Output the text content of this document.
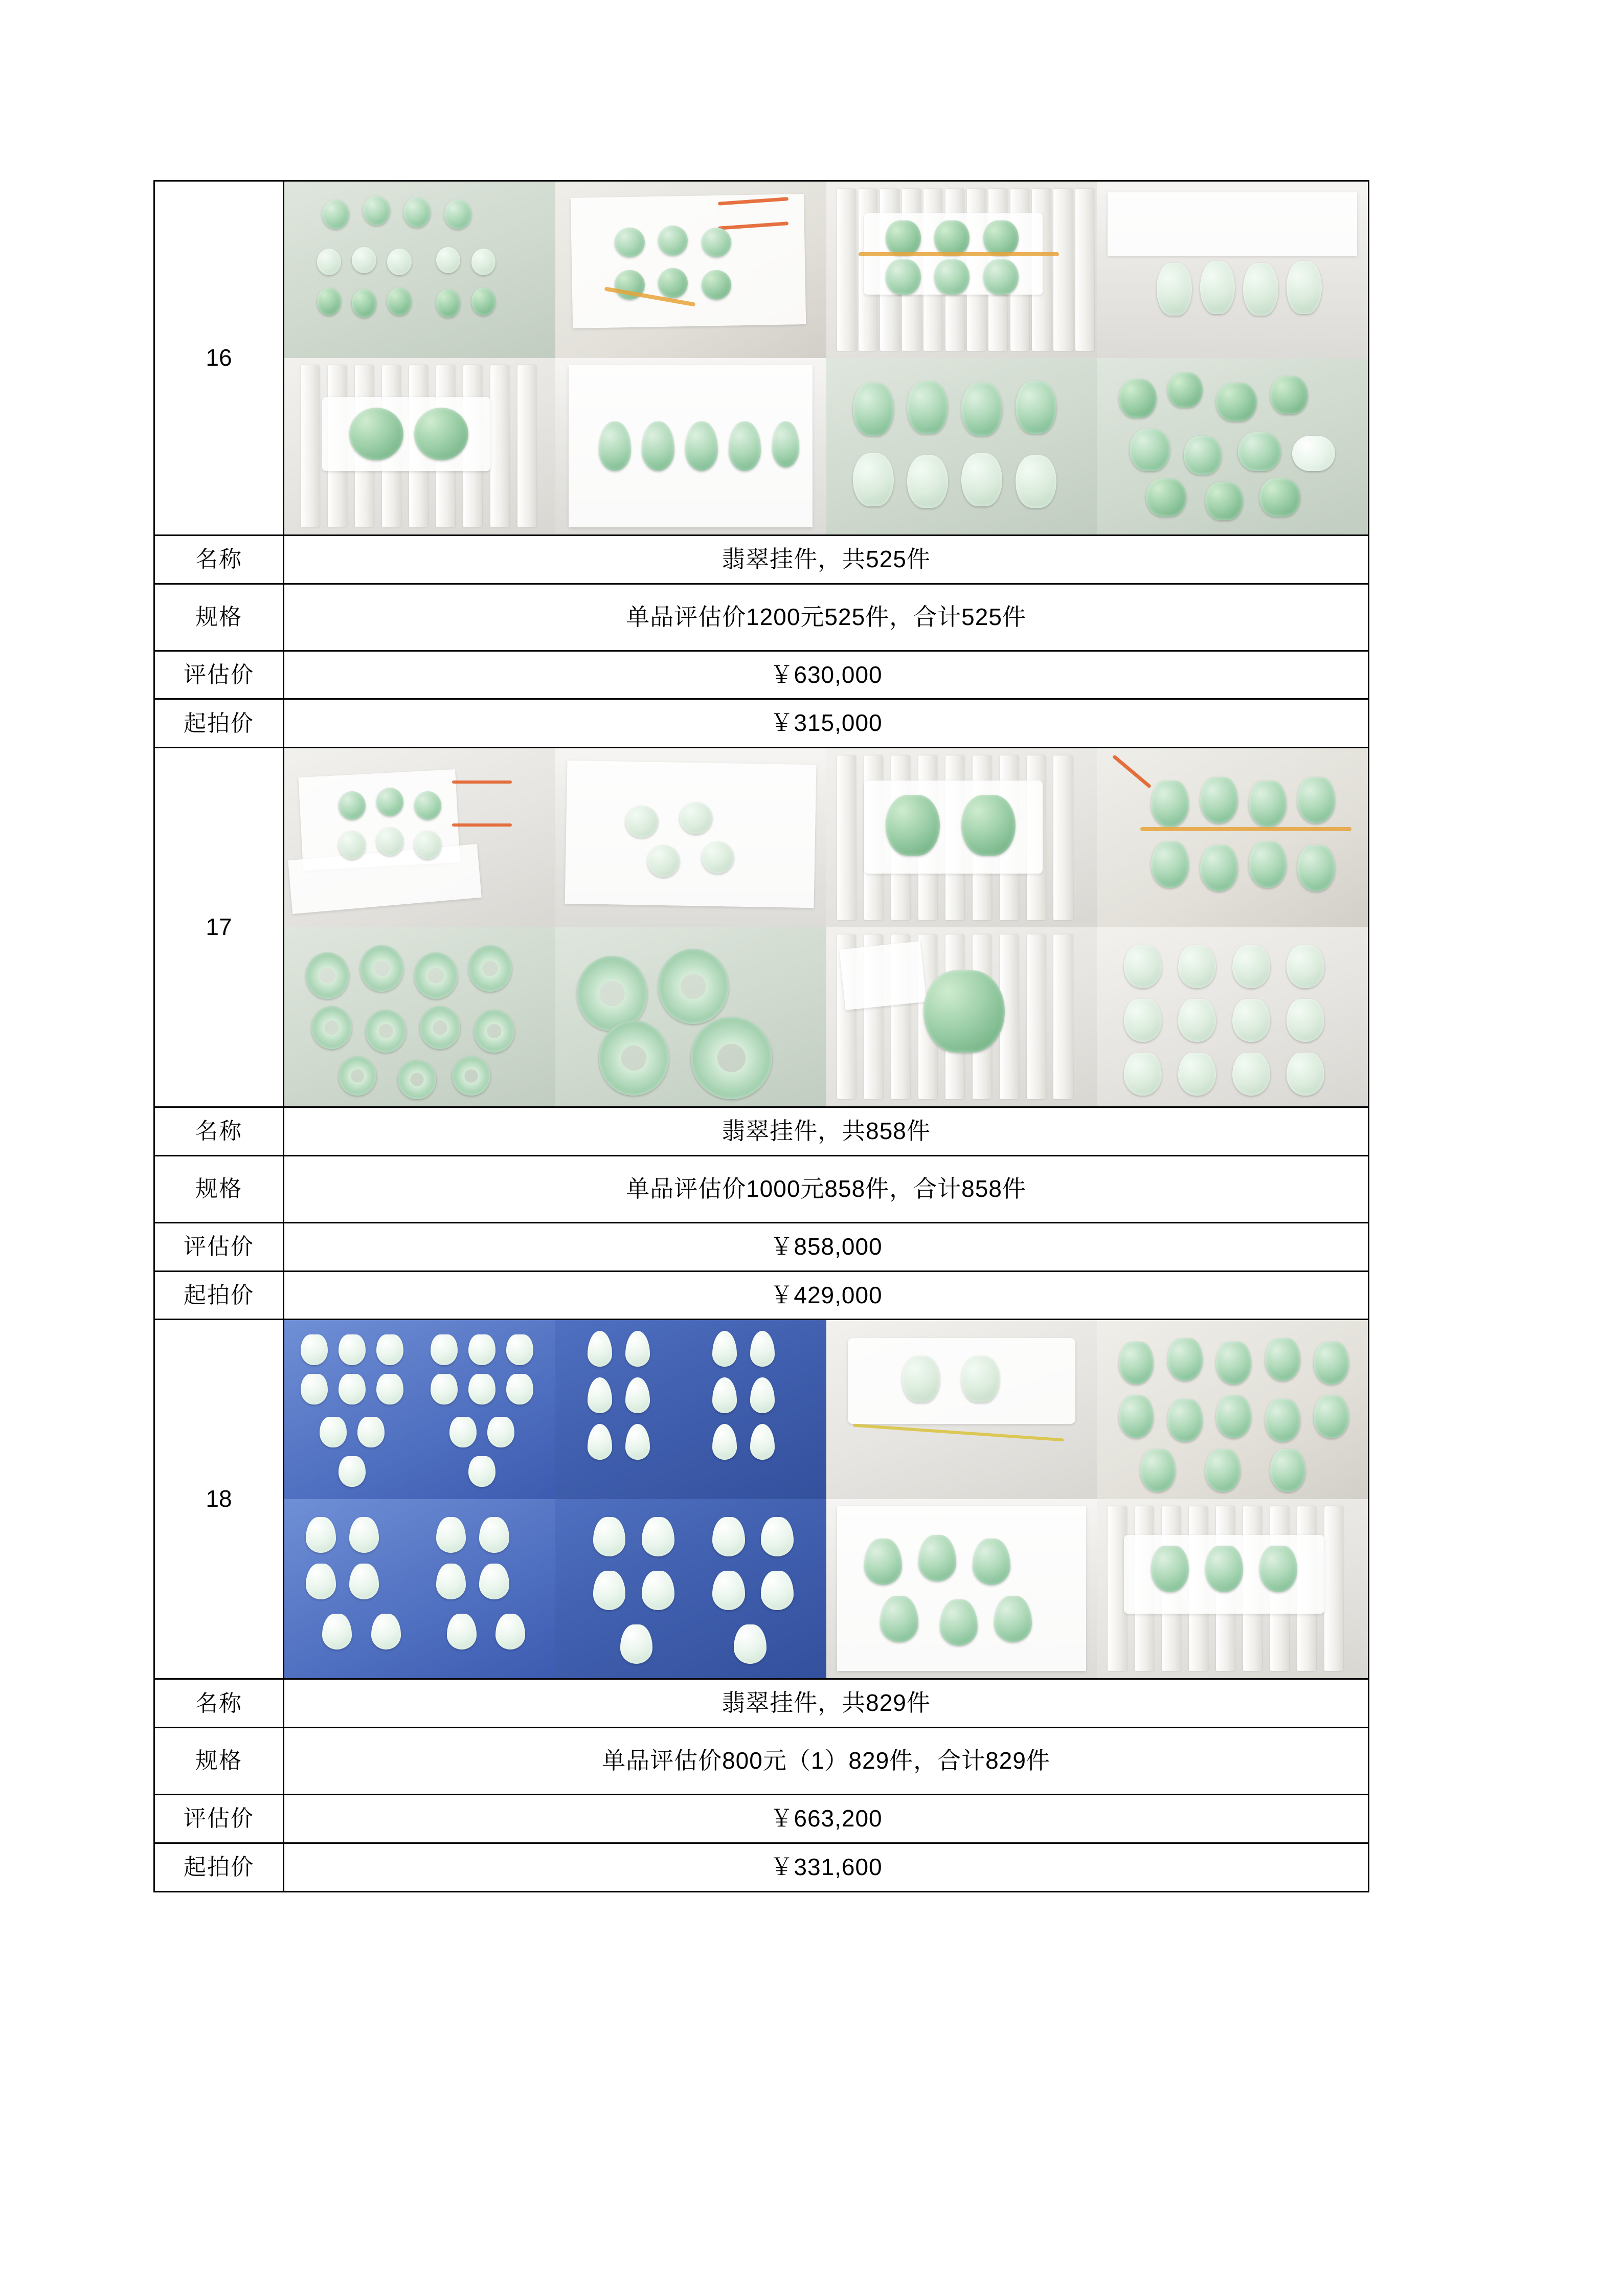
16	

名称	翡翠挂件，共525件
规格	单品评估价1200元525件，合计525件
评估价	￥630,000
起拍价	￥315,000
17	

名称	翡翠挂件，共858件
规格	单品评估价1000元858件，合计858件
评估价	￥858,000
起拍价	￥429,000
18	

名称	翡翠挂件，共829件
规格	单品评估价800元（1）829件，合计829件
评估价	￥663,200
起拍价	￥331,600
